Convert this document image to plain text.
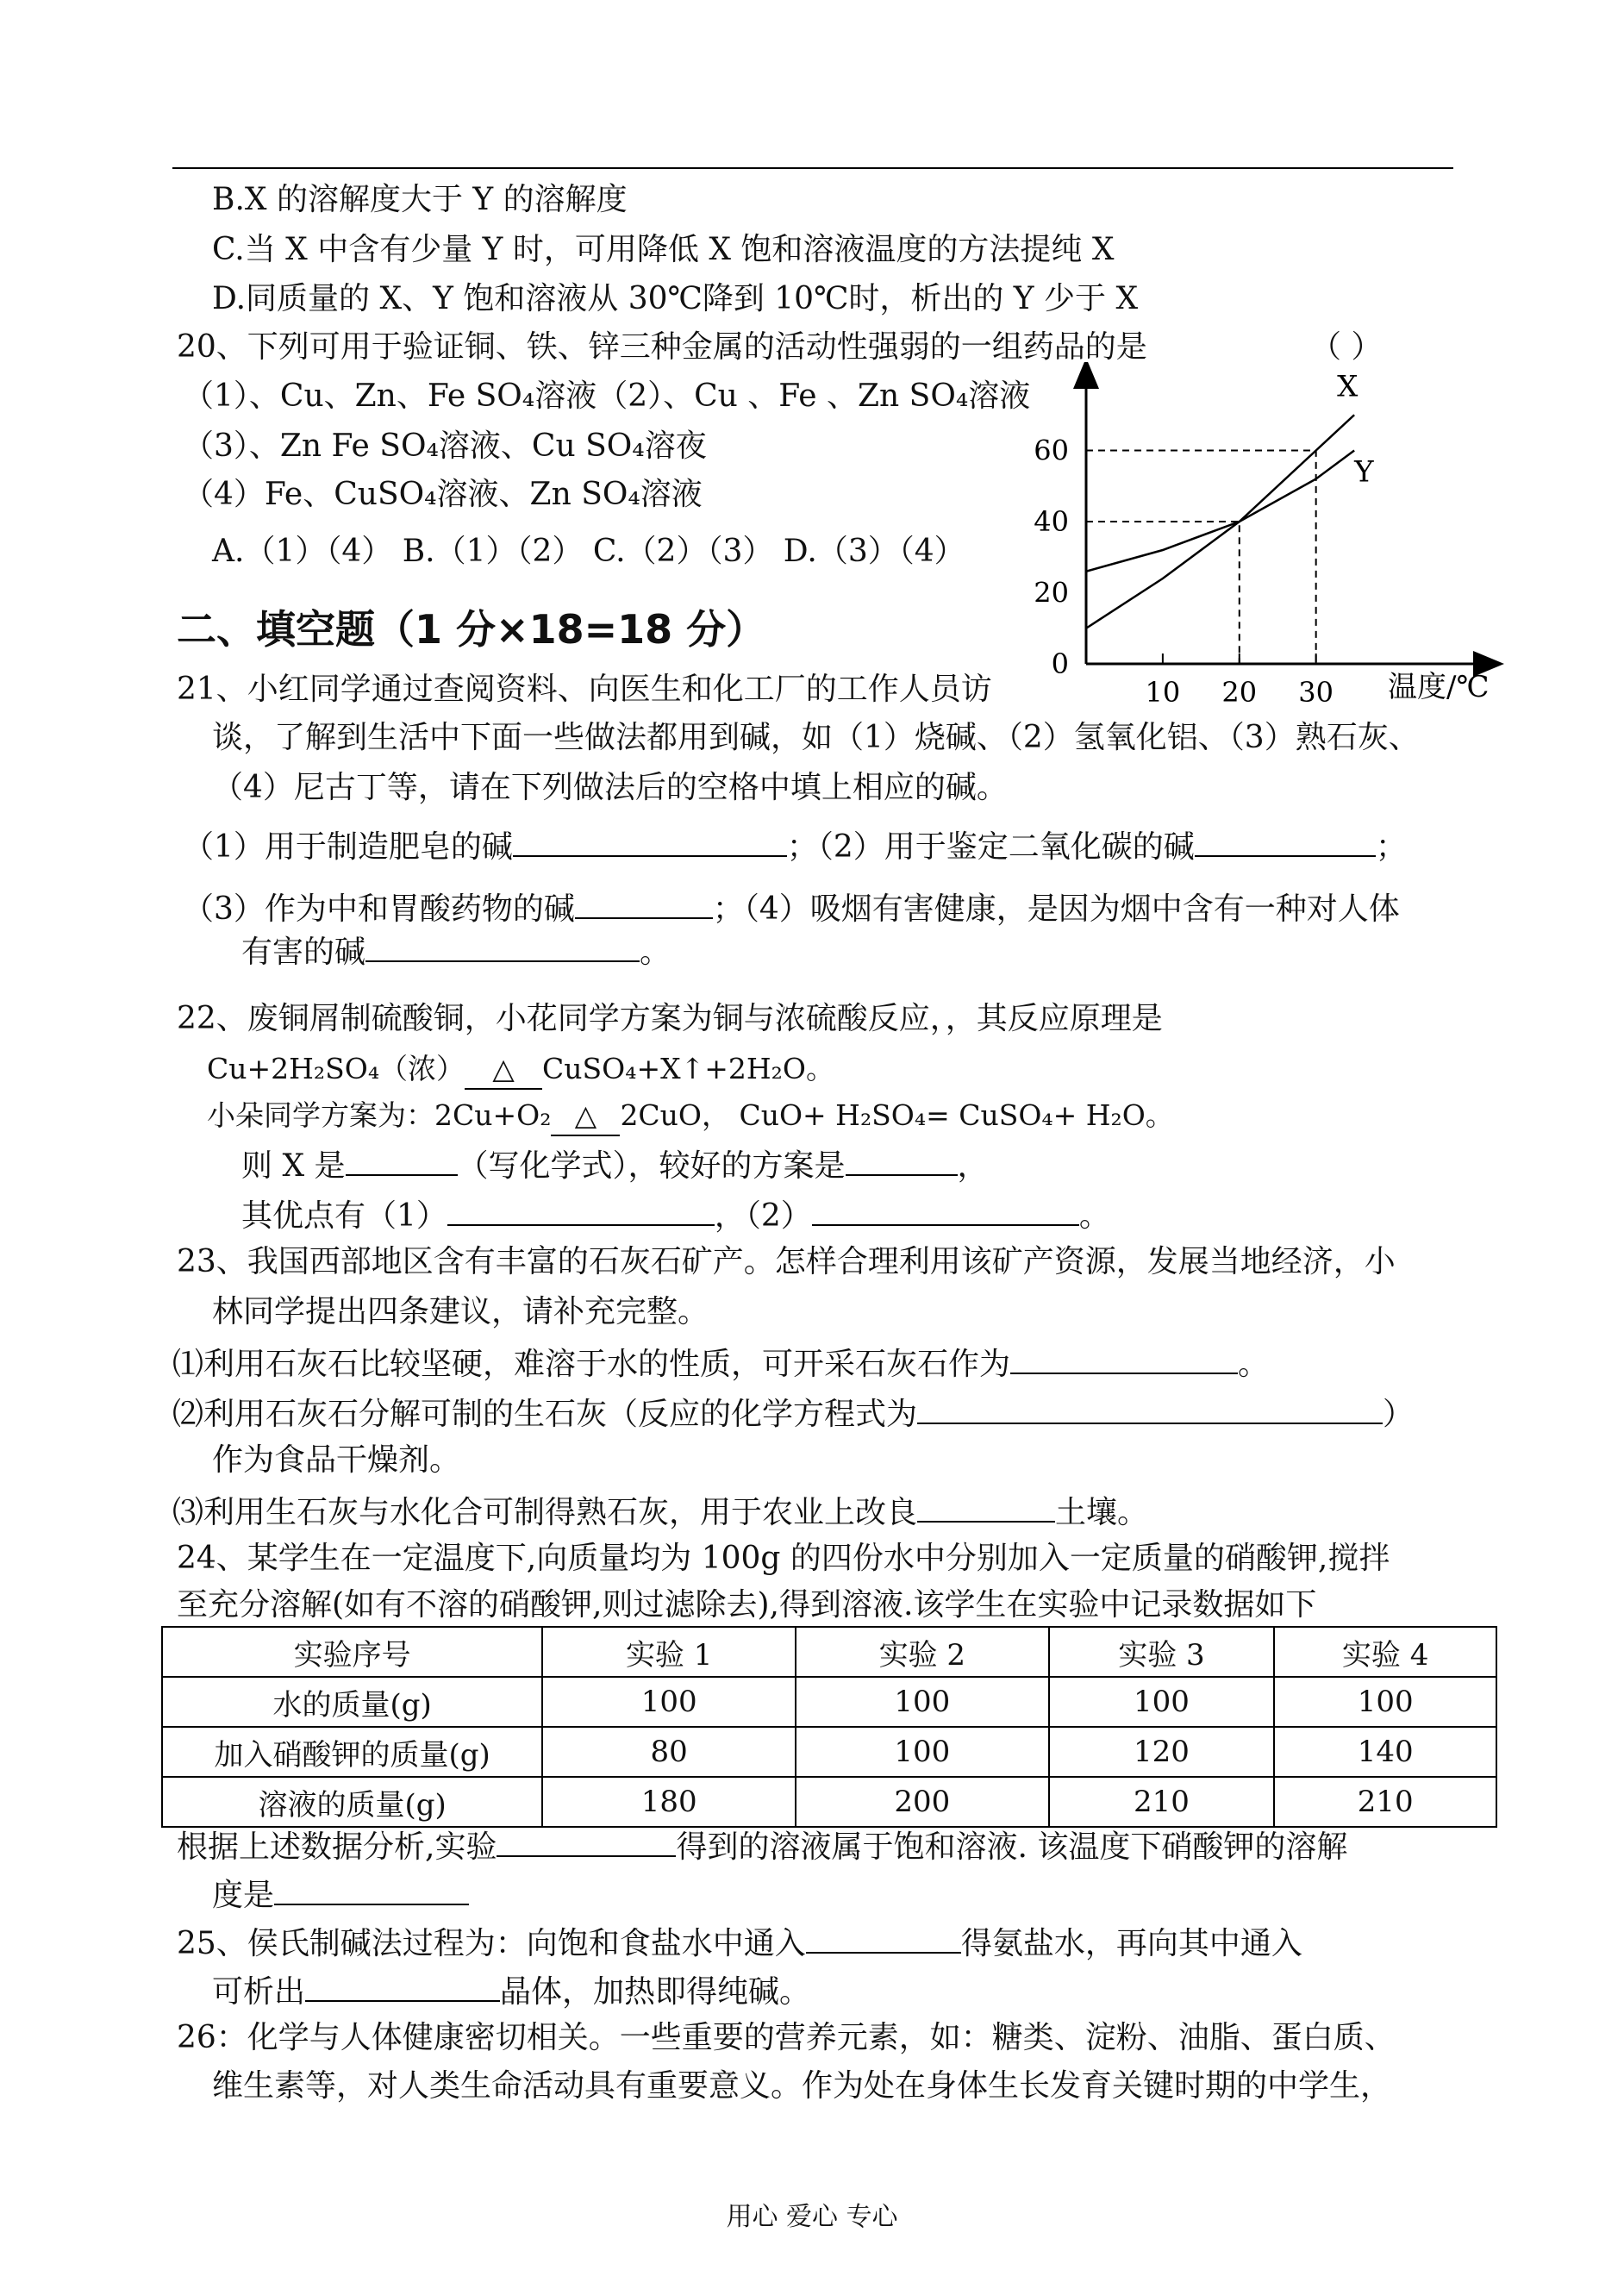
B.X 的溶解度大于 Y 的溶解度
C.当 X 中含有少量 Y 时，可用降低 X 饱和溶液温度的方法提纯 X
D.同质量的 X、Y 饱和溶液从 30℃降到 10℃时，析出的 Y 少于 X
20、下列可用于验证铜、铁、锌三种金属的活动性强弱的一组药品的是	（ ）
（1）、Cu、Zn、Fe SO₄溶液（2）、Cu 、Fe 、Zn SO₄溶液
（3）、Zn Fe SO₄溶液、Cu SO₄溶夜
（4）Fe、CuSO₄溶液、Zn SO₄溶液
A.（1）（4） B.（1）（2） C.（2）（3） D.（3）（4）
二、填空题（1 分×18=18 分）
X
Y
10 20 30
0
20
40
60
温度/℃
21、小红同学通过查阅资料、向医生和化工厂的工作人员访
谈，了解到生活中下面一些做法都用到碱，如（1）烧碱、（2）氢氧化铝、（3）熟石灰、
（4）尼古丁等，请在下列做法后的空格中填上相应的碱。
（1）用于制造肥皂的碱	；（2）用于鉴定二氧化碳的碱	；
（3）作为中和胃酸药物的碱	；（4）吸烟有害健康，是因为烟中含有一种对人体
有害的碱	。
22、废铜屑制硫酸铜，小花同学方案为铜与浓硫酸反应，，其反应原理是
Cu+2H₂SO₄（浓） △ CuSO₄+X↑+2H₂O。
小朵同学方案为：2Cu+O₂ △ 2CuO， CuO+ H₂SO₄= CuSO₄+ H₂O。
则 X 是	（写化学式），较好的方案是	，
其优点有（1）	，（2）	。
23、我国西部地区含有丰富的石灰石矿产。怎样合理利用该矿产资源，发展当地经济，小
林同学提出四条建议，请补充完整。
⑴利用石灰石比较坚硬，难溶于水的性质，可开采石灰石作为	。
⑵利用石灰石分解可制的生石灰（反应的化学方程式为	）
作为食品干燥剂。
⑶利用生石灰与水化合可制得熟石灰，用于农业上改良	土壤。
24、某学生在一定温度下,向质量均为 100g 的四份水中分别加入一定质量的硝酸钾,搅拌
至充分溶解(如有不溶的硝酸钾,则过滤除去),得到溶液.该学生在实验中记录数据如下
实验序号	实验 1	实验 2	实验 3	实验 4
水的质量(g)	100	100	100	100
加入硝酸钾的质量(g)	80	100	120	140
溶液的质量(g)	180	200	210	210
根据上述数据分析,实验	得到的溶液属于饱和溶液. 该温度下硝酸钾的溶解
度是
25、侯氏制碱法过程为：向饱和食盐水中通入	得氨盐水，再向其中通入
可析出	晶体，加热即得纯碱。
26：化学与人体健康密切相关。一些重要的营养元素，如：糖类、淀粉、油脂、蛋白质、
维生素等，对人类生命活动具有重要意义。作为处在身体生长发育关键时期的中学生，
用心 爱心 专心
